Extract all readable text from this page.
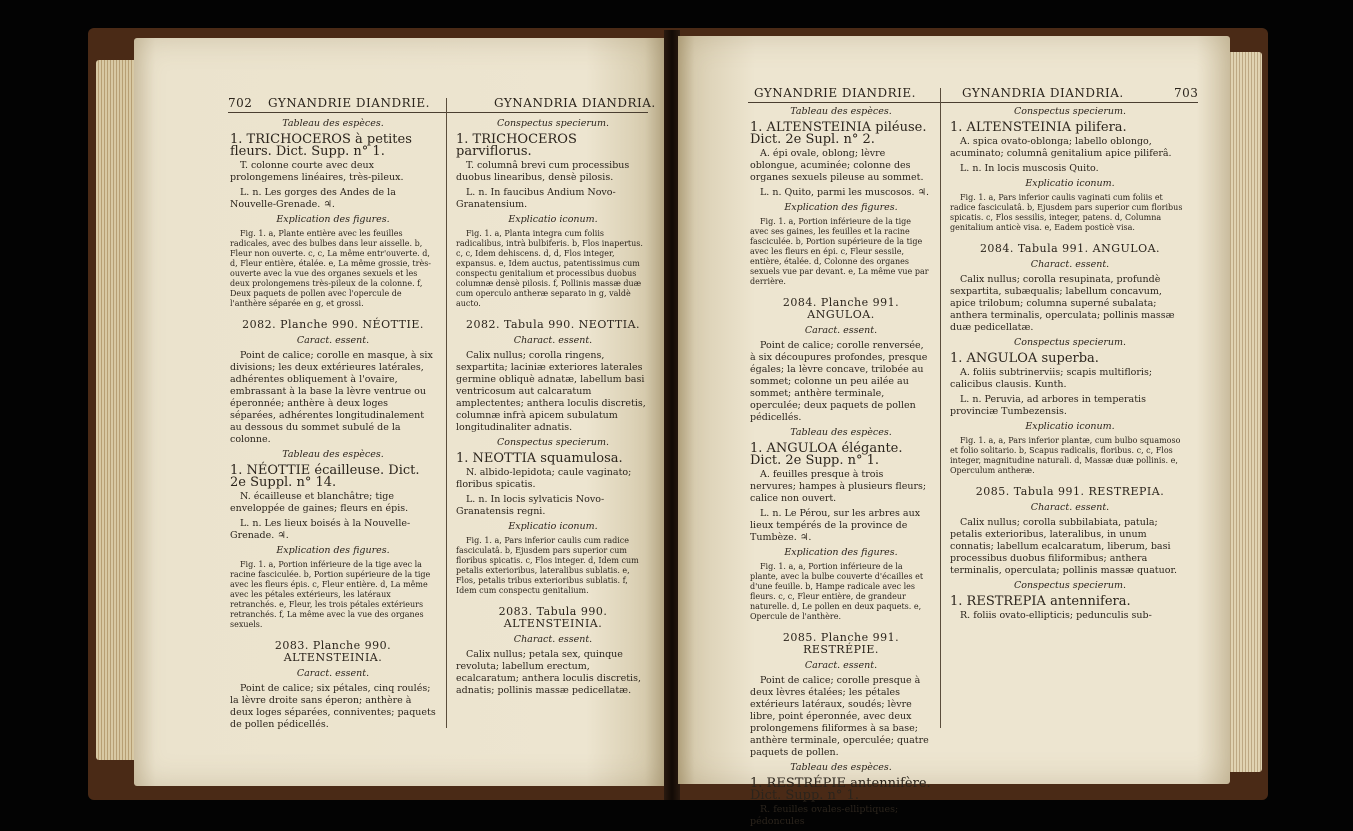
702 GYNANDRIE DIANDRIE.	GYNANDRIA DIANDRIA.

Tableau des espèces.

1. TRICHOCEROS à petites fleurs. Dict. Supp. n° 1.

T. colonne courte avec deux prolongemens linéaires, très-pileux.

L. n. Les gorges des Andes de la Nouvelle-Grenade. ♃.

Explication des figures.

Fig. 1. a, Plante entière avec les feuilles radicales, avec des bulbes dans leur aisselle. b, Fleur non ouverte. c, c, La même entr'ouverte. d, d, Fleur entière, étalée. e, La même grossie, très-ouverte avec la vue des organes sexuels et les deux prolongemens très-pileux de la colonne. f, Deux paquets de pollen avec l'opercule de l'anthère séparée en g, et grossi.

2082. Planche 990. NÉOTTIE.

Caract. essent.

Point de calice; corolle en masque, à six divisions; les deux extérieures latérales, adhérentes obliquement à l'ovaire, embrassant à la base la lèvre ventrue ou éperonnée; anthère à deux loges séparées, adhérentes longitudinalement au dessous du sommet subulé de la colonne.

Tableau des espèces.

1. NÉOTTIE écailleuse. Dict. 2e Suppl. n° 14.

N. écailleuse et blanchâtre; tige enveloppée de gaines; fleurs en épis.

L. n. Les lieux boisés à la Nouvelle-Grenade. ♃.

Explication des figures.

Fig. 1. a, Portion inférieure de la tige avec la racine fasciculée. b, Portion supérieure de la tige avec les fleurs épis. c, Fleur entière. d, La même avec les pétales extérieurs, les latéraux retranchés. e, Fleur, les trois pétales extérieurs retranchés. f, La même avec la vue des organes sexuels.

2083. Planche 990. ALTENSTEINIA.

Caract. essent.

Point de calice; six pétales, cinq roulés; la lèvre droite sans éperon; anthère à deux loges séparées, conniventes; paquets de pollen pédicellés.

Conspectus specierum.

1. TRICHOCEROS parviflorus.

T. columnâ brevi cum processibus duobus linearibus, densè pilosis.

L. n. In faucibus Andium Novo-Granatensium.

Explicatio iconum.

Fig. 1. a, Planta integra cum foliis radicalibus, intrà bulbiferis. b, Flos inapertus. c, c, Idem dehiscens. d, d, Flos integer, expansus. e, Idem auctus, patentissimus cum conspectu genitalium et processibus duobus columnæ densè pilosis. f, Pollinis massæ duæ cum operculo antheræ separato in g, valdè aucto.

2082. Tabula 990. NEOTTIA.

Charact. essent.

Calix nullus; corolla ringens, sexpartita; laciniæ exteriores laterales germine obliquè adnatæ, labellum basi ventricosum aut calcaratum amplectentes; anthera loculis discretis, columnæ infrà apicem subulatum longitudinaliter adnatis.

Conspectus specierum.

1. NEOTTIA squamulosa.

N. albido-lepidota; caule vaginato; floribus spicatis.

L. n. In locis sylvaticis Novo-Granatensis regni.

Explicatio iconum.

Fig. 1. a, Pars inferior caulis cum radice fasciculatâ. b, Ejusdem pars superior cum floribus spicatis. c, Flos integer. d, Idem cum petalis exterioribus, lateralibus sublatis. e, Flos, petalis tribus exterioribus sublatis. f, Idem cum conspectu genitalium.

2083. Tabula 990. ALTENSTEINIA.

Charact. essent.

Calix nullus; petala sex, quinque revoluta; labellum erectum, ecalcaratum; anthera loculis discretis, adnatis; pollinis massæ pedicellatæ.

GYNANDRIE DIANDRIE.	GYNANDRIA DIANDRIA.	703

Tableau des espèces.

1. ALTENSTEINIA piléuse. Dict. 2e Supl. n° 2.

A. épi ovale, oblong; lèvre oblongue, acuminée; colonne des organes sexuels pileuse au sommet.

L. n. Quito, parmi les muscosos. ♃.

Explication des figures.

Fig. 1. a, Portion inférieure de la tige avec ses gaines, les feuilles et la racine fasciculée. b, Portion supérieure de la tige avec les fleurs en épi. c, Fleur sessile, entière, étalée. d, Colonne des organes sexuels vue par devant. e, La même vue par derrière.

2084. Planche 991. ANGULOA.

Caract. essent.

Point de calice; corolle renversée, à six découpures profondes, presque égales; la lèvre concave, trilobée au sommet; colonne un peu ailée au sommet; anthère terminale, operculée; deux paquets de pollen pédicellés.

Tableau des espèces.

1. ANGULOA élégante. Dict. 2e Supp. n° 1.

A. feuilles presque à trois nervures; hampes à plusieurs fleurs; calice non ouvert.

L. n. Le Pérou, sur les arbres aux lieux tempérés de la province de Tumbèze. ♃.

Explication des figures.

Fig. 1. a, a, Portion inférieure de la plante, avec la bulbe couverte d'écailles et d'une feuille. b, Hampe radicale avec les fleurs. c, c, Fleur entière, de grandeur naturelle. d, Le pollen en deux paquets. e, Opercule de l'anthère.

2085. Planche 991. RESTRÉPIE.

Caract. essent.

Point de calice; corolle presque à deux lèvres étalées; les pétales extérieurs latéraux, soudés; lèvre libre, point éperonnée, avec deux prolongemens filiformes à sa base; anthère terminale, operculée; quatre paquets de pollen.

Tableau des espèces.

1. RESTRÉPIE antennifère. Dict. Supp. n° 1.

R. feuilles ovales-elliptiques; pédoncules

Conspectus specierum.

1. ALTENSTEINIA pilifera.

A. spica ovato-oblonga; labello oblongo, acuminato; columnâ genitalium apice piliferâ.

L. n. In locis muscosis Quito.

Explicatio iconum.

Fig. 1. a, Pars inferior caulis vaginati cum foliis et radice fasciculatâ. b, Ejusdem pars superior cum floribus spicatis. c, Flos sessilis, integer, patens. d, Columna genitalium anticè visa. e, Eadem posticè visa.

2084. Tabula 991. ANGULOA.

Charact. essent.

Calix nullus; corolla resupinata, profundè sexpartita, subæqualis; labellum concavum, apice trilobum; columna superné subalata; anthera terminalis, operculata; pollinis massæ duæ pedicellatæ.

Conspectus specierum.

1. ANGULOA superba.

A. foliis subtrinerviis; scapis multifloris; calicibus clausis. Kunth.

L. n. Peruvia, ad arbores in temperatis provinciæ Tumbezensis.

Explicatio iconum.

Fig. 1. a, a, Pars inferior plantæ, cum bulbo squamoso et folio solitario. b, Scapus radicalis, floribus. c, c, Flos integer, magnitudine naturali. d, Massæ duæ pollinis. e, Operculum antheræ.

2085. Tabula 991. RESTREPIA.

Charact. essent.

Calix nullus; corolla subbilabiata, patula; petalis exterioribus, lateralibus, in unum connatis; labellum ecalcaratum, liberum, basi processibus duobus filiformibus; anthera terminalis, operculata; pollinis massæ quatuor.

Conspectus specierum.

1. RESTREPIA antennifera.

R. foliis ovato-ellipticis; pedunculis sub-
